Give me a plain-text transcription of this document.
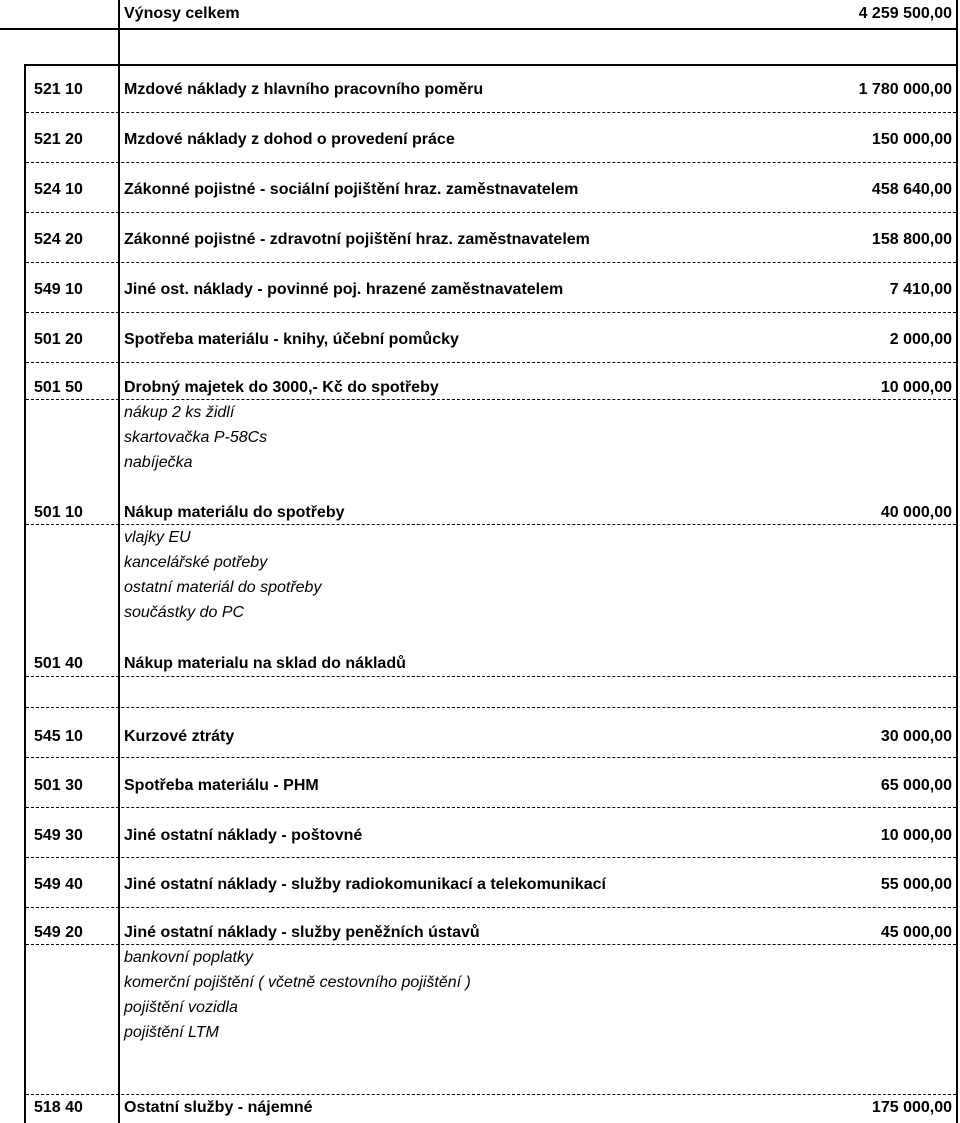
Výnosy celkem	4 259 500,00
521 10	Mzdové náklady z hlavního pracovního poměru	1 780 000,00
521 20	Mzdové náklady z dohod o provedení práce	150 000,00
524 10	Zákonné pojistné - sociální pojištění hraz. zaměstnavatelem	458 640,00
524 20	Zákonné pojistné - zdravotní pojištění hraz. zaměstnavatelem	158 800,00
549 10	Jiné ost. náklady - povinné poj. hrazené zaměstnavatelem	7 410,00
501 20	Spotřeba materiálu - knihy, účební pomůcky	2 000,00
501 50	Drobný majetek do 3000,- Kč do spotřeby	10 000,00
nákup 2 ks židlí
skartovačka P-58Cs
nabíječka
501 10	Nákup materiálu do spotřeby	40 000,00
vlajky EU
kancelářské potřeby
ostatní materiál do spotřeby
součástky do PC
501 40	Nákup materialu na sklad do nákladů
545 10	Kurzové ztráty	30 000,00
501 30	Spotřeba materiálu - PHM	65 000,00
549 30	Jiné ostatní náklady - poštovné	10 000,00
549 40	Jiné ostatní náklady - služby radiokomunikací a telekomunikací	55 000,00
549 20	Jiné ostatní náklady - služby peněžních ústavů	45 000,00
bankovní poplatky
komerční pojištění ( včetně cestovního pojištění )
pojištění vozidla
pojištění LTM
518 40	Ostatní služby - nájemné	175 000,00
